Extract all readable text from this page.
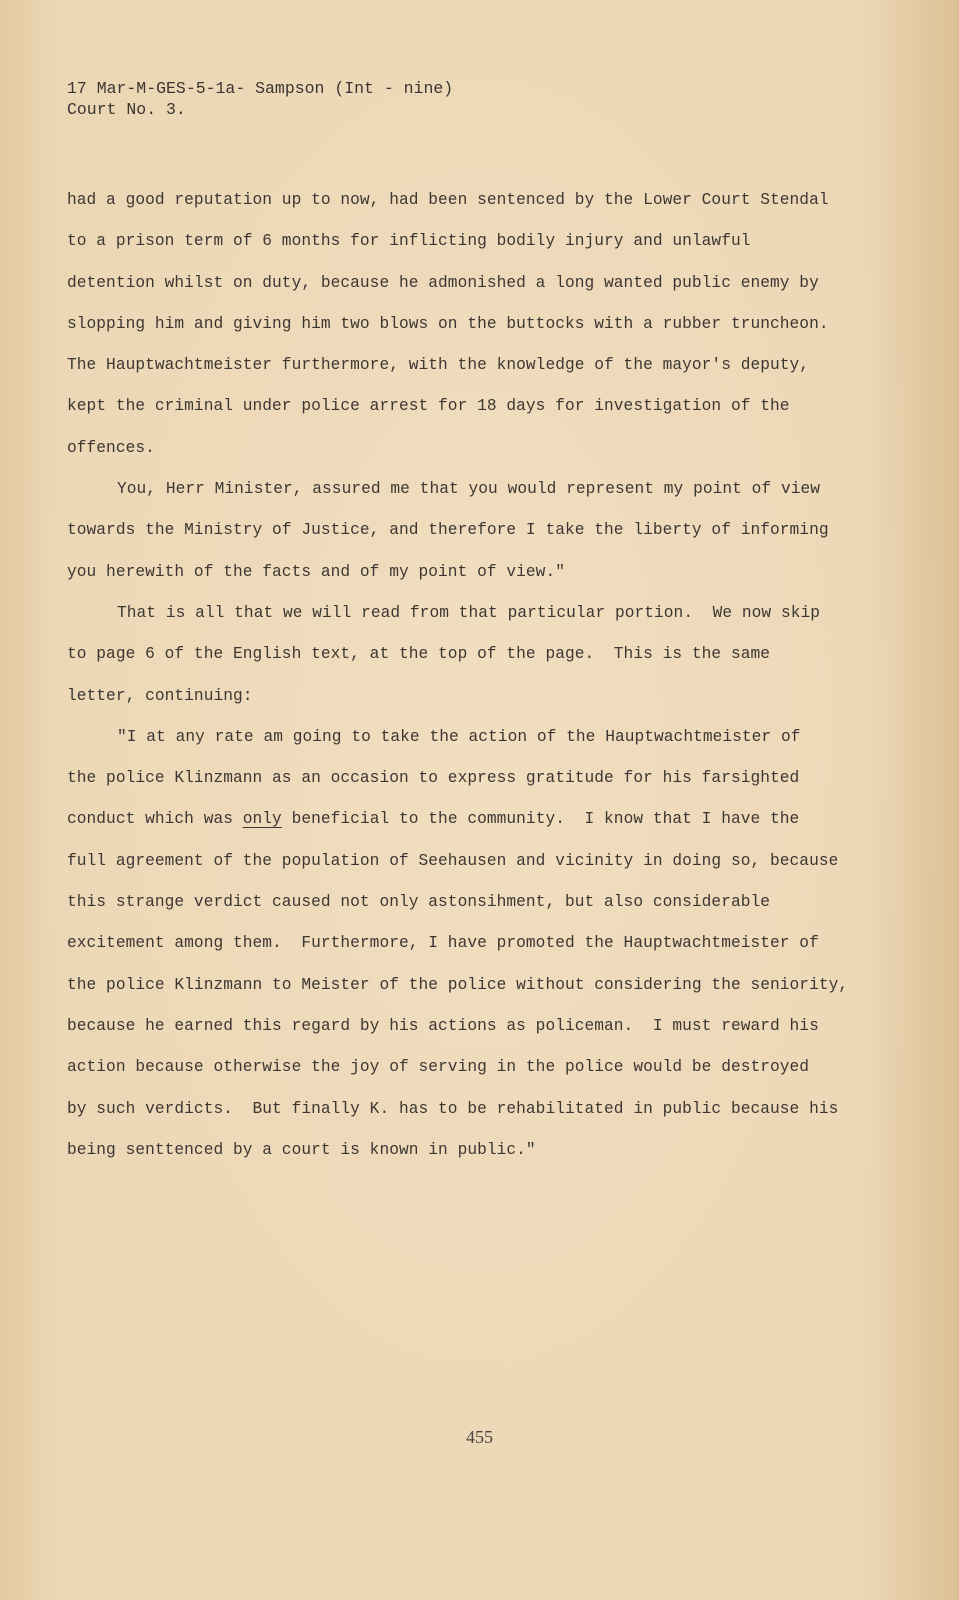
17 Mar-M-GES-5-1a- Sampson (Int - nine)
Court No. 3.
had a good reputation up to now, had been sentenced by the Lower Court Stendal
to a prison term of 6 months for inflicting bodily injury and unlawful
detention whilst on duty, because he admonished a long wanted public enemy by
slopping him and giving him two blows on the buttocks with a rubber truncheon.
The Hauptwachtmeister furthermore, with the knowledge of the mayor's deputy,
kept the criminal under police arrest for 18 days for investigation of the
offences.
You, Herr Minister, assured me that you would represent my point of view
towards the Ministry of Justice, and therefore I take the liberty of informing
you herewith of the facts and of my point of view."
That is all that we will read from that particular portion.  We now skip
to page 6 of the English text, at the top of the page.  This is the same
letter, continuing:
"I at any rate am going to take the action of the Hauptwachtmeister of
the police Klinzmann as an occasion to express gratitude for his farsighted
conduct which was only beneficial to the community.  I know that I have the
full agreement of the population of Seehausen and vicinity in doing so, because
this strange verdict caused not only astonsihment, but also considerable
excitement among them.  Furthermore, I have promoted the Hauptwachtmeister of
the police Klinzmann to Meister of the police without considering the seniority,
because he earned this regard by his actions as policeman.  I must reward his
action because otherwise the joy of serving in the police would be destroyed
by such verdicts.  But finally K. has to be rehabilitated in public because his
being senttenced by a court is known in public."
455
